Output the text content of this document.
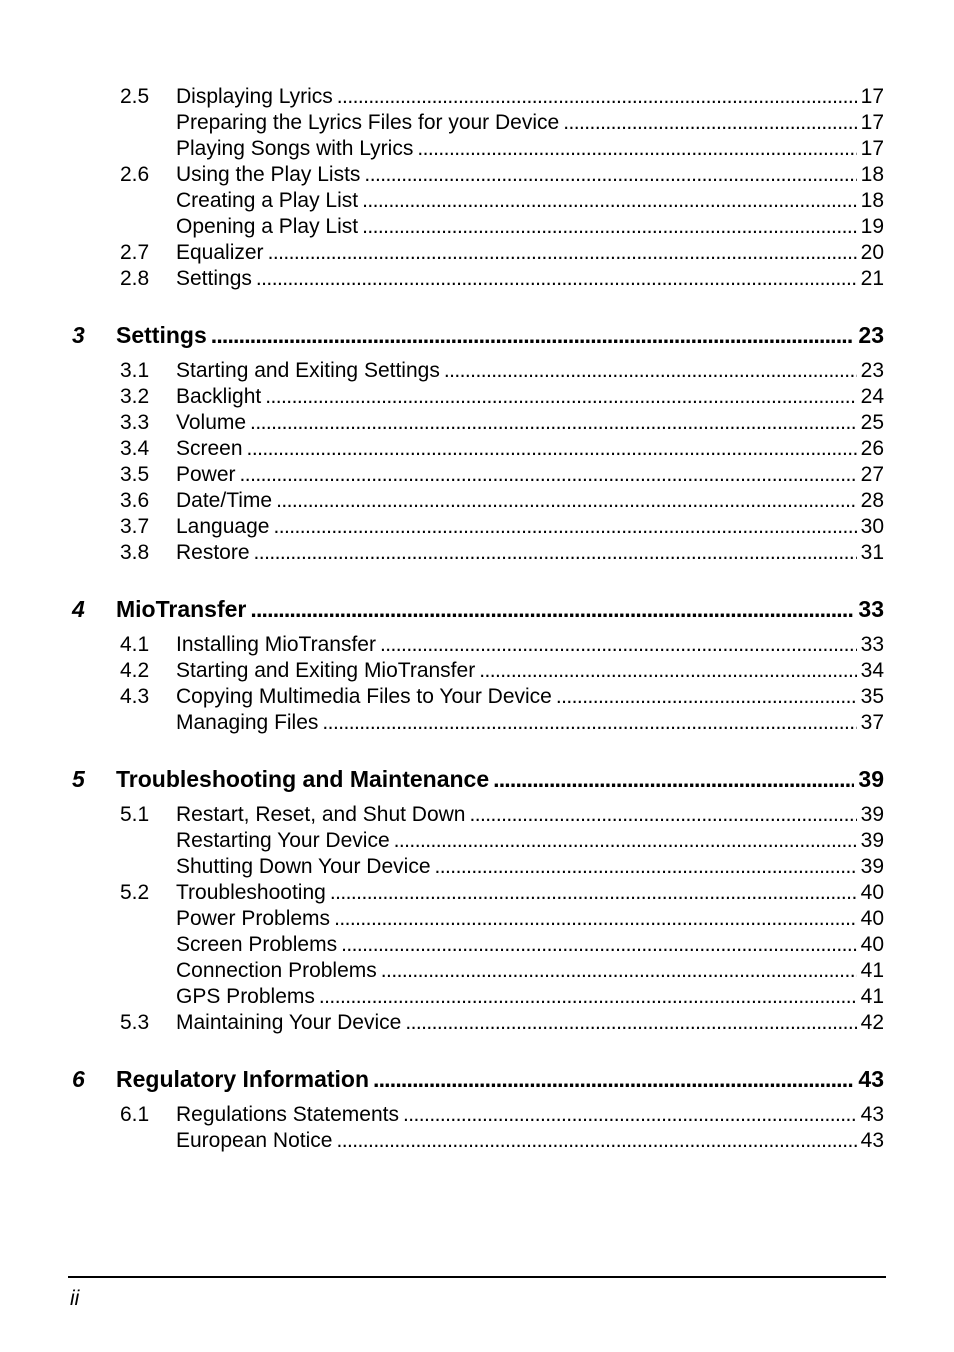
2.5 Displaying Lyrics . . .	17
Preparing the Lyrics Files for your Device . . .	17
Playing Songs with Lyrics . . .	17
2.6 Using the Play Lists . . .	18
Creating a Play List . . .	18
Opening a Play List . . .	19
2.7 Equalizer . . .	20
2.8 Settings . . .	21
3 Settings . . .	23
3.1 Starting and Exiting Settings . . .	23
3.2 Backlight . . .	24
3.3 Volume . . .	25
3.4 Screen . . .	26
3.5 Power . . .	27
3.6 Date/Time . . .	28
3.7 Language . . .	30
3.8 Restore . . .	31
4 MioTransfer . . .	33
4.1 Installing MioTransfer . . .	33
4.2 Starting and Exiting MioTransfer . . .	34
4.3 Copying Multimedia Files to Your Device . . .	35
Managing Files . . .	37
5 Troubleshooting and Maintenance . . .	39
5.1 Restart, Reset, and Shut Down . . .	39
Restarting Your Device . . .	39
Shutting Down Your Device . . .	39
5.2 Troubleshooting . . .	40
Power Problems . . .	40
Screen Problems . . .	40
Connection Problems . . .	41
GPS Problems . . .	41
5.3 Maintaining Your Device . . .	42
6 Regulatory Information . . .	43
6.1 Regulations Statements . . .	43
European Notice . . .	43
ii
